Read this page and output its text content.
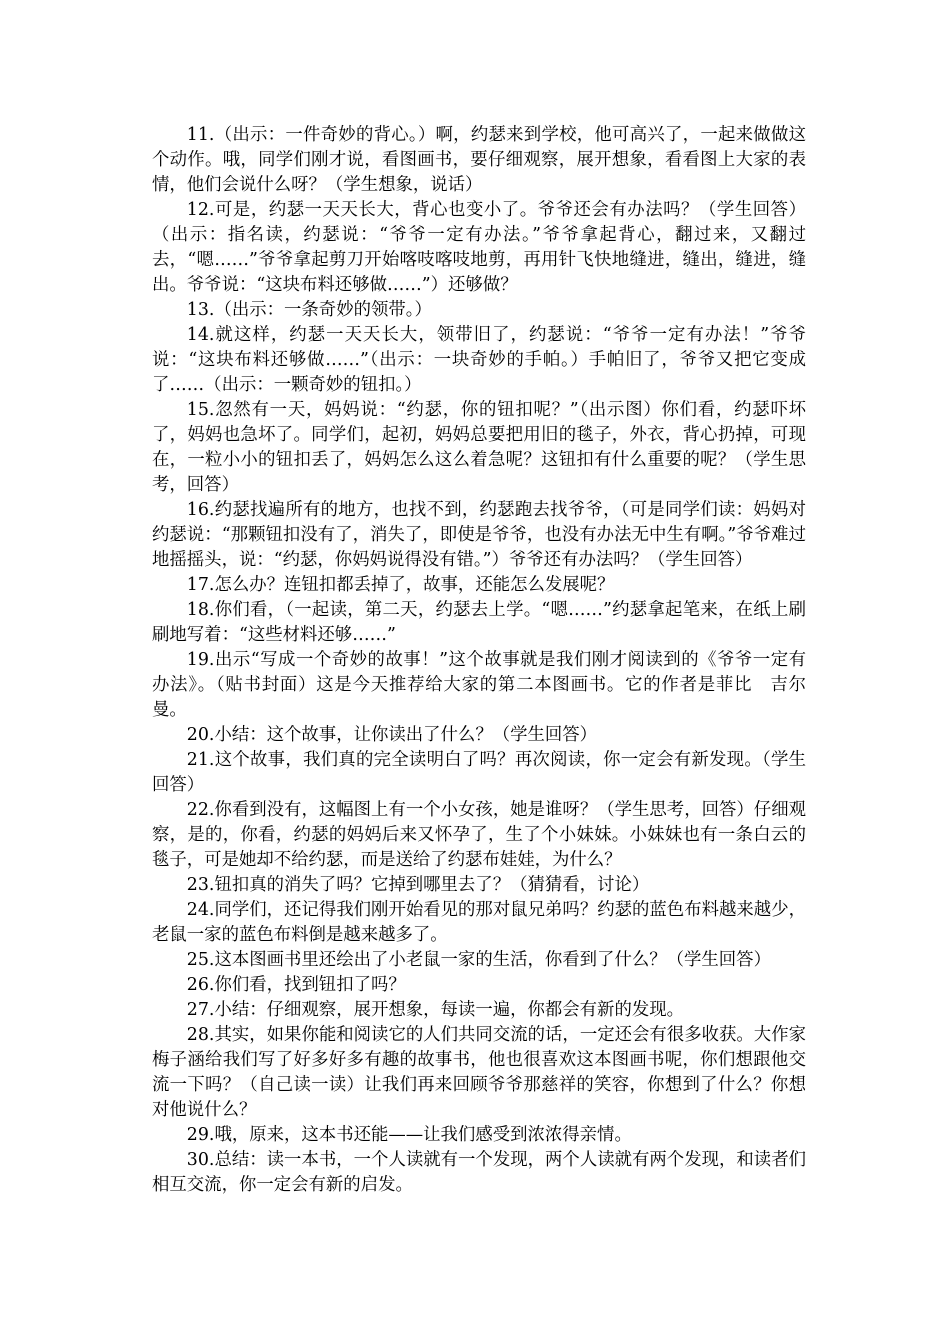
11.（出示：一件奇妙的背心。）啊，约瑟来到学校，他可高兴了，一起来做做这个动作。哦，同学们刚才说，看图画书，要仔细观察，展开想象，看看图上大家的表情，他们会说什么呀？（学生想象，说话）

12.可是，约瑟一天天长大，背心也变小了。爷爷还会有办法吗？（学生回答）（出示：指名读，约瑟说：“爷爷一定有办法。”爷爷拿起背心，翻过来，又翻过去，“嗯……”爷爷拿起剪刀开始喀吱喀吱地剪，再用针飞快地缝进，缝出，缝进，缝出。爷爷说：“这块布料还够做……”）还够做？

13.（出示：一条奇妙的领带。）

14.就这样，约瑟一天天长大，领带旧了，约瑟说：“爷爷一定有办法！”爷爷说：“这块布料还够做……”（出示：一块奇妙的手帕。）手帕旧了，爷爷又把它变成了……（出示：一颗奇妙的钮扣。）

15.忽然有一天，妈妈说：“约瑟，你的钮扣呢？”（出示图）你们看，约瑟吓坏了，妈妈也急坏了。同学们，起初，妈妈总要把用旧的毯子，外衣，背心扔掉，可现在，一粒小小的钮扣丢了，妈妈怎么这么着急呢？这钮扣有什么重要的呢？（学生思考，回答）

16.约瑟找遍所有的地方，也找不到，约瑟跑去找爷爷，（可是同学们读：妈妈对约瑟说：“那颗钮扣没有了，消失了，即使是爷爷，也没有办法无中生有啊。”爷爷难过地摇摇头，说：“约瑟，你妈妈说得没有错。”）爷爷还有办法吗？（学生回答）

17.怎么办？连钮扣都丢掉了，故事，还能怎么发展呢？

18.你们看，（一起读，第二天，约瑟去上学。“嗯……”约瑟拿起笔来，在纸上刷刷地写着：“这些材料还够……”

19.出示“写成一个奇妙的故事！”这个故事就是我们刚才阅读到的《爷爷一定有办法》。（贴书封面）这是今天推荐给大家的第二本图画书。它的作者是菲比　吉尔曼。

20.小结：这个故事，让你读出了什么？（学生回答）

21.这个故事，我们真的完全读明白了吗？再次阅读，你一定会有新发现。（学生回答）

22.你看到没有，这幅图上有一个小女孩，她是谁呀？（学生思考，回答）仔细观察，是的，你看，约瑟的妈妈后来又怀孕了，生了个小妹妹。小妹妹也有一条白云的毯子，可是她却不给约瑟，而是送给了约瑟布娃娃，为什么？

23.钮扣真的消失了吗？它掉到哪里去了？（猜猜看，讨论）

24.同学们，还记得我们刚开始看见的那对鼠兄弟吗？约瑟的蓝色布料越来越少，老鼠一家的蓝色布料倒是越来越多了。

25.这本图画书里还绘出了小老鼠一家的生活，你看到了什么？（学生回答）

26.你们看，找到钮扣了吗？

27.小结：仔细观察，展开想象，每读一遍，你都会有新的发现。

28.其实，如果你能和阅读它的人们共同交流的话，一定还会有很多收获。大作家梅子涵给我们写了好多好多有趣的故事书，他也很喜欢这本图画书呢，你们想跟他交流一下吗？（自己读一读）让我们再来回顾爷爷那慈祥的笑容，你想到了什么？你想对他说什么？

29.哦，原来，这本书还能——让我们感受到浓浓得亲情。

30.总结：读一本书，一个人读就有一个发现，两个人读就有两个发现，和读者们相互交流，你一定会有新的启发。
